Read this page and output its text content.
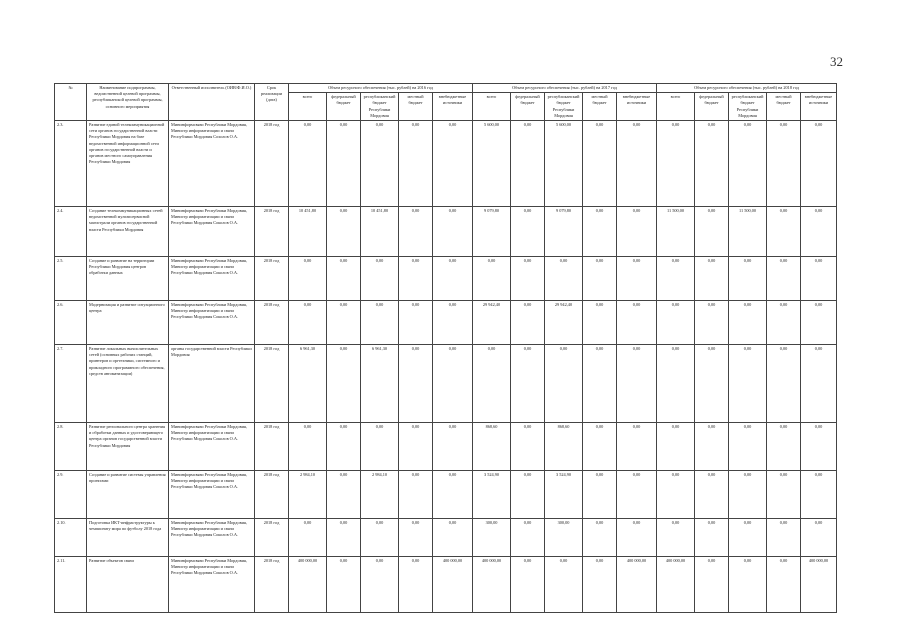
32
№	Наименование подпрограммы, ведомственной целевой программы, республиканской целевой программы, основного мероприятия	Ответственный исполнитель (ОИВ/Ф.И.О.)	Срок реализации (дата)	Объем ресурсного обеспечения (тыс. рублей) на 2016 год					Объем ресурсного обеспечения (тыс. рублей) на 2017 год					Объем ресурсного обеспечения (тыс. рублей) на 2018 год				
				всего	федеральный бюджет	республиканский бюджет Республики Мордовия	местный бюджет	внебюджетные источники	всего	федеральный бюджет	республиканский бюджет Республики Мордовия	местный бюджет	внебюджетные источники	всего	федеральный бюджет	республиканский бюджет Республики Мордовия	местный бюджет	внебюджетные источники
2.3.	Развитие единой телекоммуникационной сети органов государственной власти Республики Мордовия на базе ведомственной информационной сети органов государственной власти и органов местного самоуправления Республики Мордовия	Мининформсвязи Республики Мордовия, Министр информатизации и связи Республики Мордовия Сохолов О.А.	2018 год	0,00	0,00	0,00	0,00	0,00	5 600,00	0,00	5 600,00	0,00	0,00	0,00	0,00	0,00	0,00	0,00
2.4.	Создание телекоммуникационных сетей ведомственной мультисервисной магистрали органов государственной власти Республики Мордовия	Мининформсвязи Республики Мордовия, Министр информатизации и связи Республики Мордовия Соколов О.А.	2018 год	10 451,80	0,00	10 451,80	0,00	0,00	9 079,80	0,00	9 079,80	0,00	0,00	11 500,00	0,00	11 500,00	0,00	0,00
2.5.	Создание и развитие на территории Республики Мордовия центров обработки данных	Мининформсвязи Республики Мордовия, Министр информатизации и связи Республики Мордовия Соколов О.А.	2018 год	0,00	0,00	0,00	0,00	0,00	0,00	0,00	0,00	0,00	0,00	0,00	0,00	0,00	0,00	0,00
2.6.	Модернизация и развитие ситуационного центра	Мининформсвязи Республики Мордовия, Министр информатизации и связи Республики Мордовия Соколов О.А.	2018 год	0,00	0,00	0,00	0,00	0,00	29 942,40	0,00	29 942,40	0,00	0,00	0,00	0,00	0,00	0,00	0,00
2.7.	Развитие локальных вычислительных сетей (основных рабочих станций, принтеров и оргтехники, системного и прикладного программного обеспечения, средств автоматизации)	органы государственной власти Республики Мордовия	2018 год	6 961,30	0,00	6 961,30	0,00	0,00	0,00	0,00	0,00	0,00	0,00	0,00	0,00	0,00	0,00	0,00
2.8.	Развитие регионального центра хранения и обработки данных и удостоверяющего центра органов государственной власти Республики Мордовия	Мининформсвязи Республики Мордовия, Министр информатизации и связи Республики Мордовия Соколов О.А.	2018 год	0,00	0,00	0,00	0,00	0,00	868,60	0,00	868,60	0,00	0,00	0,00	0,00	0,00	0,00	0,00
2.9.	Создание и развитие системы управления проектами	Мининформсвязи Республики Мордовия, Министр информатизации и связи Республики Мордовия Соколов О.А.	2018 год	2 984,10	0,00	2 984,10	0,00	0,00	3 524,90	0,00	3 524,90	0,00	0,00	0,00	0,00	0,00	0,00	0,00
2.10.	Подготовка ИКТ-инфраструктуры к чемпионату мира по футболу 2018 года	Мининформсвязи Республики Мордовия, Министр информатизации и связи Республики Мордовия Соколов О.А.	2018 год	0,00	0,00	0,00	0,00	0,00	300,00	0,00	300,00	0,00	0,00	0,00	0,00	0,00	0,00	0,00
2.11.	Развитие объектов связи	Мининформсвязи Республики Мордовия, Министр информатизации и связи Республики Мордовия Соколов О.А.	2018 год	400 000,00	0,00	0,00	0,00	400 000,00	400 000,00	0,00	0,00	0,00	400 000,00	400 000,00	0,00	0,00	0,00	400 000,00
